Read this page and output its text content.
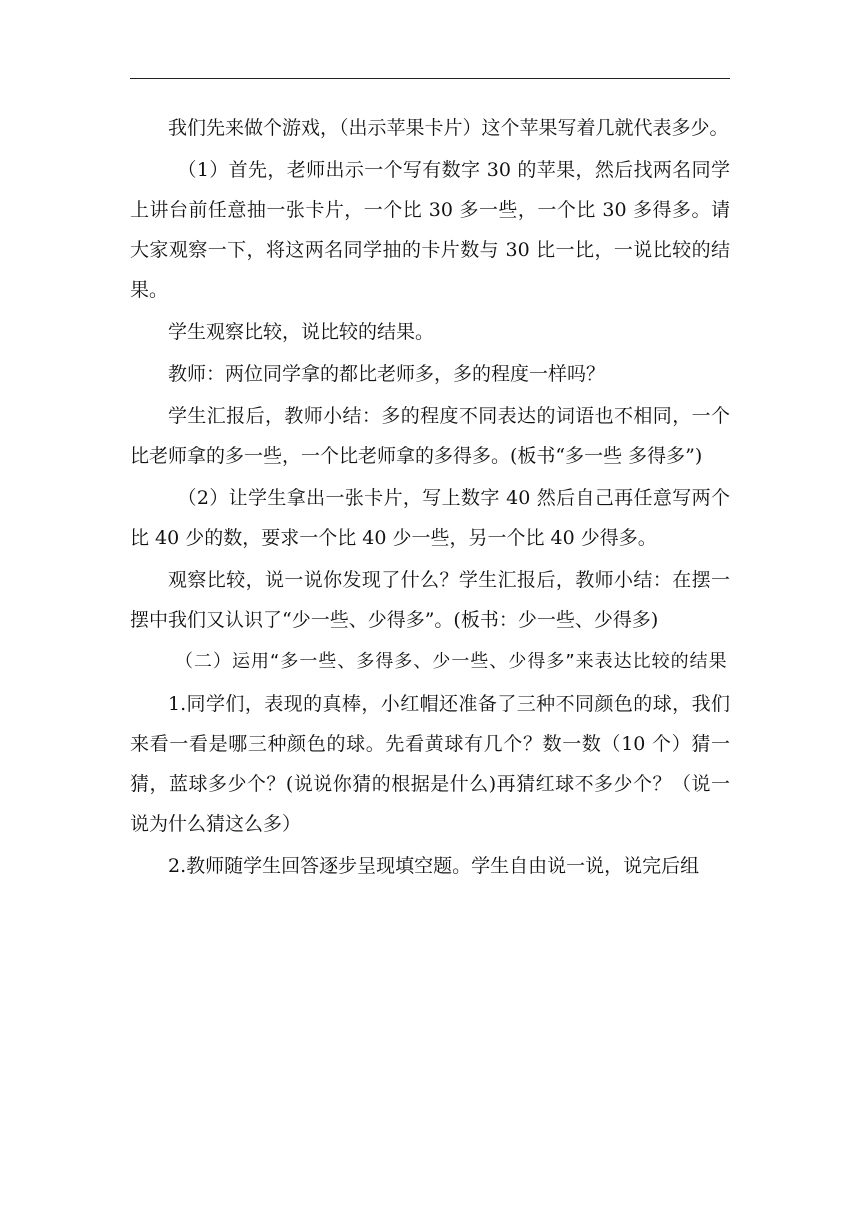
我们先来做个游戏，（出示苹果卡片）这个苹果写着几就代表多少。

（1）首先，老师出示一个写有数字 30 的苹果，然后找两名同学上讲台前任意抽一张卡片，一个比 30 多一些，一个比 30 多得多。请大家观察一下，将这两名同学抽的卡片数与 30 比一比，一说比较的结果。

学生观察比较，说比较的结果。

教师：两位同学拿的都比老师多，多的程度一样吗？

学生汇报后，教师小结：多的程度不同表达的词语也不相同，一个比老师拿的多一些，一个比老师拿的多得多。(板书“多一些 多得多”)

（2）让学生拿出一张卡片，写上数字 40 然后自己再任意写两个比 40 少的数，要求一个比 40 少一些，另一个比 40 少得多。

观察比较，说一说你发现了什么？学生汇报后，教师小结：在摆一摆中我们又认识了“少一些、少得多”。(板书：少一些、少得多)

（二）运用“多一些、多得多、少一些、少得多”来表达比较的结果

1.同学们，表现的真棒，小红帽还准备了三种不同颜色的球，我们来看一看是哪三种颜色的球。先看黄球有几个？数一数（10 个）猜一猜，蓝球多少个？(说说你猜的根据是什么)再猜红球不多少个？（说一说为什么猜这么多）

2.教师随学生回答逐步呈现填空题。学生自由说一说，说完后组
